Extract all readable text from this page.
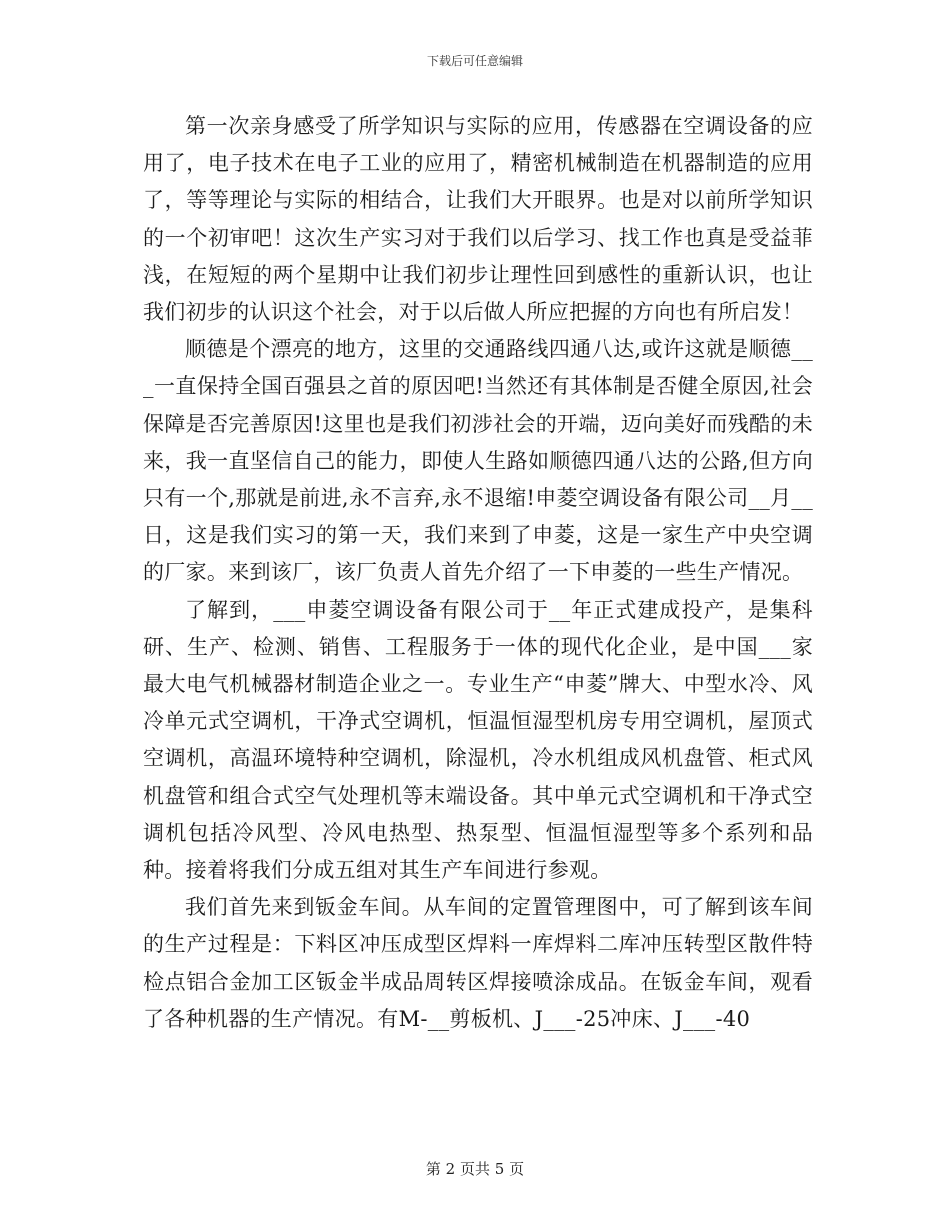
下载后可任意编辑

第一次亲身感受了所学知识与实际的应用，传感器在空调设备的应用了，电子技术在电子工业的应用了，精密机械制造在机器制造的应用了，等等理论与实际的相结合，让我们大开眼界。也是对以前所学知识的一个初审吧！这次生产实习对于我们以后学习、找工作也真是受益菲浅，在短短的两个星期中让我们初步让理性回到感性的重新认识，也让我们初步的认识这个社会，对于以后做人所应把握的方向也有所启发！

顺德是个漂亮的地方，这里的交通路线四通八达,或许这就是顺德___一直保持全国百强县之首的原因吧!当然还有其体制是否健全原因,社会保障是否完善原因!这里也是我们初涉社会的开端，迈向美好而残酷的未来，我一直坚信自己的能力，即使人生路如顺德四通八达的公路,但方向只有一个,那就是前进,永不言弃,永不退缩!申菱空调设备有限公司__月__日，这是我们实习的第一天，我们来到了申菱，这是一家生产中央空调的厂家。来到该厂，该厂负责人首先介绍了一下申菱的一些生产情况。

了解到，___申菱空调设备有限公司于__年正式建成投产，是集科研、生产、检测、销售、工程服务于一体的现代化企业，是中国___家最大电气机械器材制造企业之一。专业生产“申菱”牌大、中型水冷、风冷单元式空调机，干净式空调机，恒温恒湿型机房专用空调机，屋顶式空调机，高温环境特种空调机，除湿机，冷水机组成风机盘管、柜式风机盘管和组合式空气处理机等末端设备。其中单元式空调机和干净式空调机包括冷风型、冷风电热型、热泵型、恒温恒湿型等多个系列和品种。接着将我们分成五组对其生产车间进行参观。

我们首先来到钣金车间。从车间的定置管理图中，可了解到该车间的生产过程是：下料区冲压成型区焊料一库焊料二库冲压转型区散件特检点铝合金加工区钣金半成品周转区焊接喷涂成品。在钣金车间，观看了各种机器的生产情况。有M-__剪板机、J___-25冲床、J___-40

第 2 页共 5 页
